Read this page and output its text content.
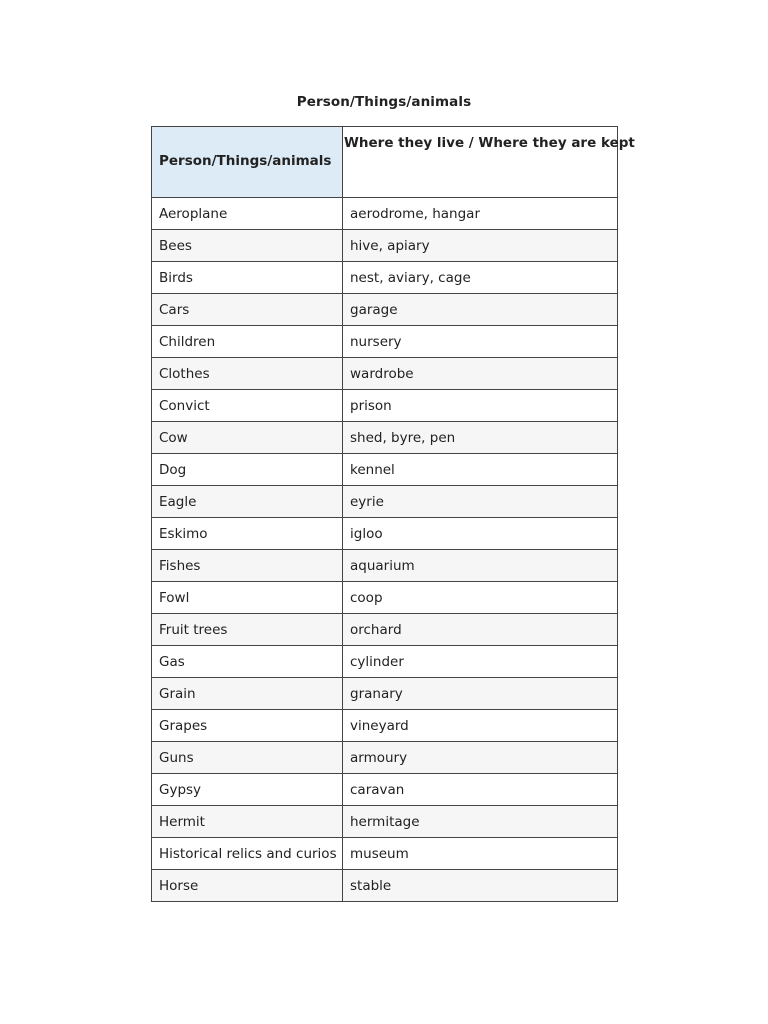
Person/Things/animals
Person/Things/animals	Where they live / Where they are kept

Aeroplane	aerodrome, hangar
Bees	hive, apiary
Birds	nest, aviary, cage
Cars	garage
Children	nursery
Clothes	wardrobe
Convict	prison
Cow	shed, byre, pen
Dog	kennel
Eagle	eyrie
Eskimo	igloo
Fishes	aquarium
Fowl	coop
Fruit trees	orchard
Gas	cylinder
Grain	granary
Grapes	vineyard
Guns	armoury
Gypsy	caravan
Hermit	hermitage
Historical relics and curios	museum
Horse	stable
